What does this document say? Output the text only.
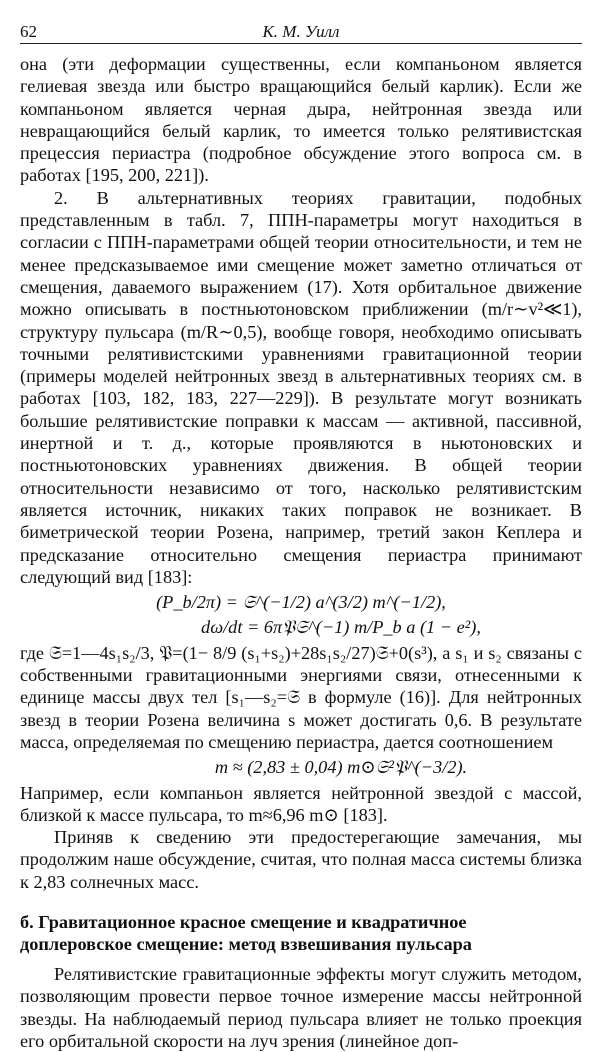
62	К. М. Уилл

она (эти деформации существенны, если компаньоном является гелиевая звезда или быстро вращающийся белый карлик). Если же компаньоном является черная дыра, нейтронная звезда или невращающийся белый карлик, то имеется только релятивистская прецессия периастра (подробное обсуждение этого вопроса см. в работах [195, 200, 221]).

2. В альтернативных теориях гравитации, подобных представленным в табл. 7, ППН-параметры могут находиться в согласии с ППН-параметрами общей теории относительности, и тем не менее предсказываемое ими смещение может заметно отличаться от смещения, даваемого выражением (17). Хотя орбитальное движение можно описывать в постньютоновском приближении (m/r∼v²≪1), структуру пульсара (m/R∼0,5), вообще говоря, необходимо описывать точными релятивистскими уравнениями гравитационной теории (примеры моделей нейтронных звезд в альтернативных теориях см. в работах [103, 182, 183, 227—229]). В результате могут возникать большие релятивистские поправки к массам — активной, пассивной, инертной и т. д., которые проявляются в ньютоновских и постньютоновских уравнениях движения. В общей теории относительности независимо от того, насколько релятивистским является источник, никаких таких поправок не возникает. В биметрической теории Розена, например, третий закон Кеплера и предсказание относительно смещения периастра принимают следующий вид [183]:

(P_b/2π) = 𝔖^(−1/2) a^(3/2) m^(−1/2),

dω/dt = 6π𝔓𝔖^(−1) m/P_b a (1 − e²),

где 𝔖=1—4s₁s₂/3, 𝔓=(1− 8/9 (s₁+s₂)+28s₁s₂/27)𝔖+0(s³), а s₁ и s₂ связаны с собственными гравитационными энергиями связи, отнесенными к единице массы двух тел [s₁—s₂=𝔖 в формуле (16)]. Для нейтронных звезд в теории Розена величина s может достигать 0,6. В результате масса, определяемая по смещению периастра, дается соотношением

m ≈ (2,83 ± 0,04) m⊙𝔖²𝔓^(−3/2).

Например, если компаньон является нейтронной звездой с массой, близкой к массе пульсара, то m≈6,96 m⊙ [183].

Приняв к сведению эти предостерегающие замечания, мы продолжим наше обсуждение, считая, что полная масса системы близка к 2,83 солнечных масс.

б. Гравитационное красное смещение и квадратичное доплеровское смещение: метод взвешивания пульсара

Релятивистские гравитационные эффекты могут служить методом, позволяющим провести первое точное измерение массы нейтронной звезды. На наблюдаемый период пульсара влияет не только проекция его орбитальной скорости на луч зрения (линейное доп-
